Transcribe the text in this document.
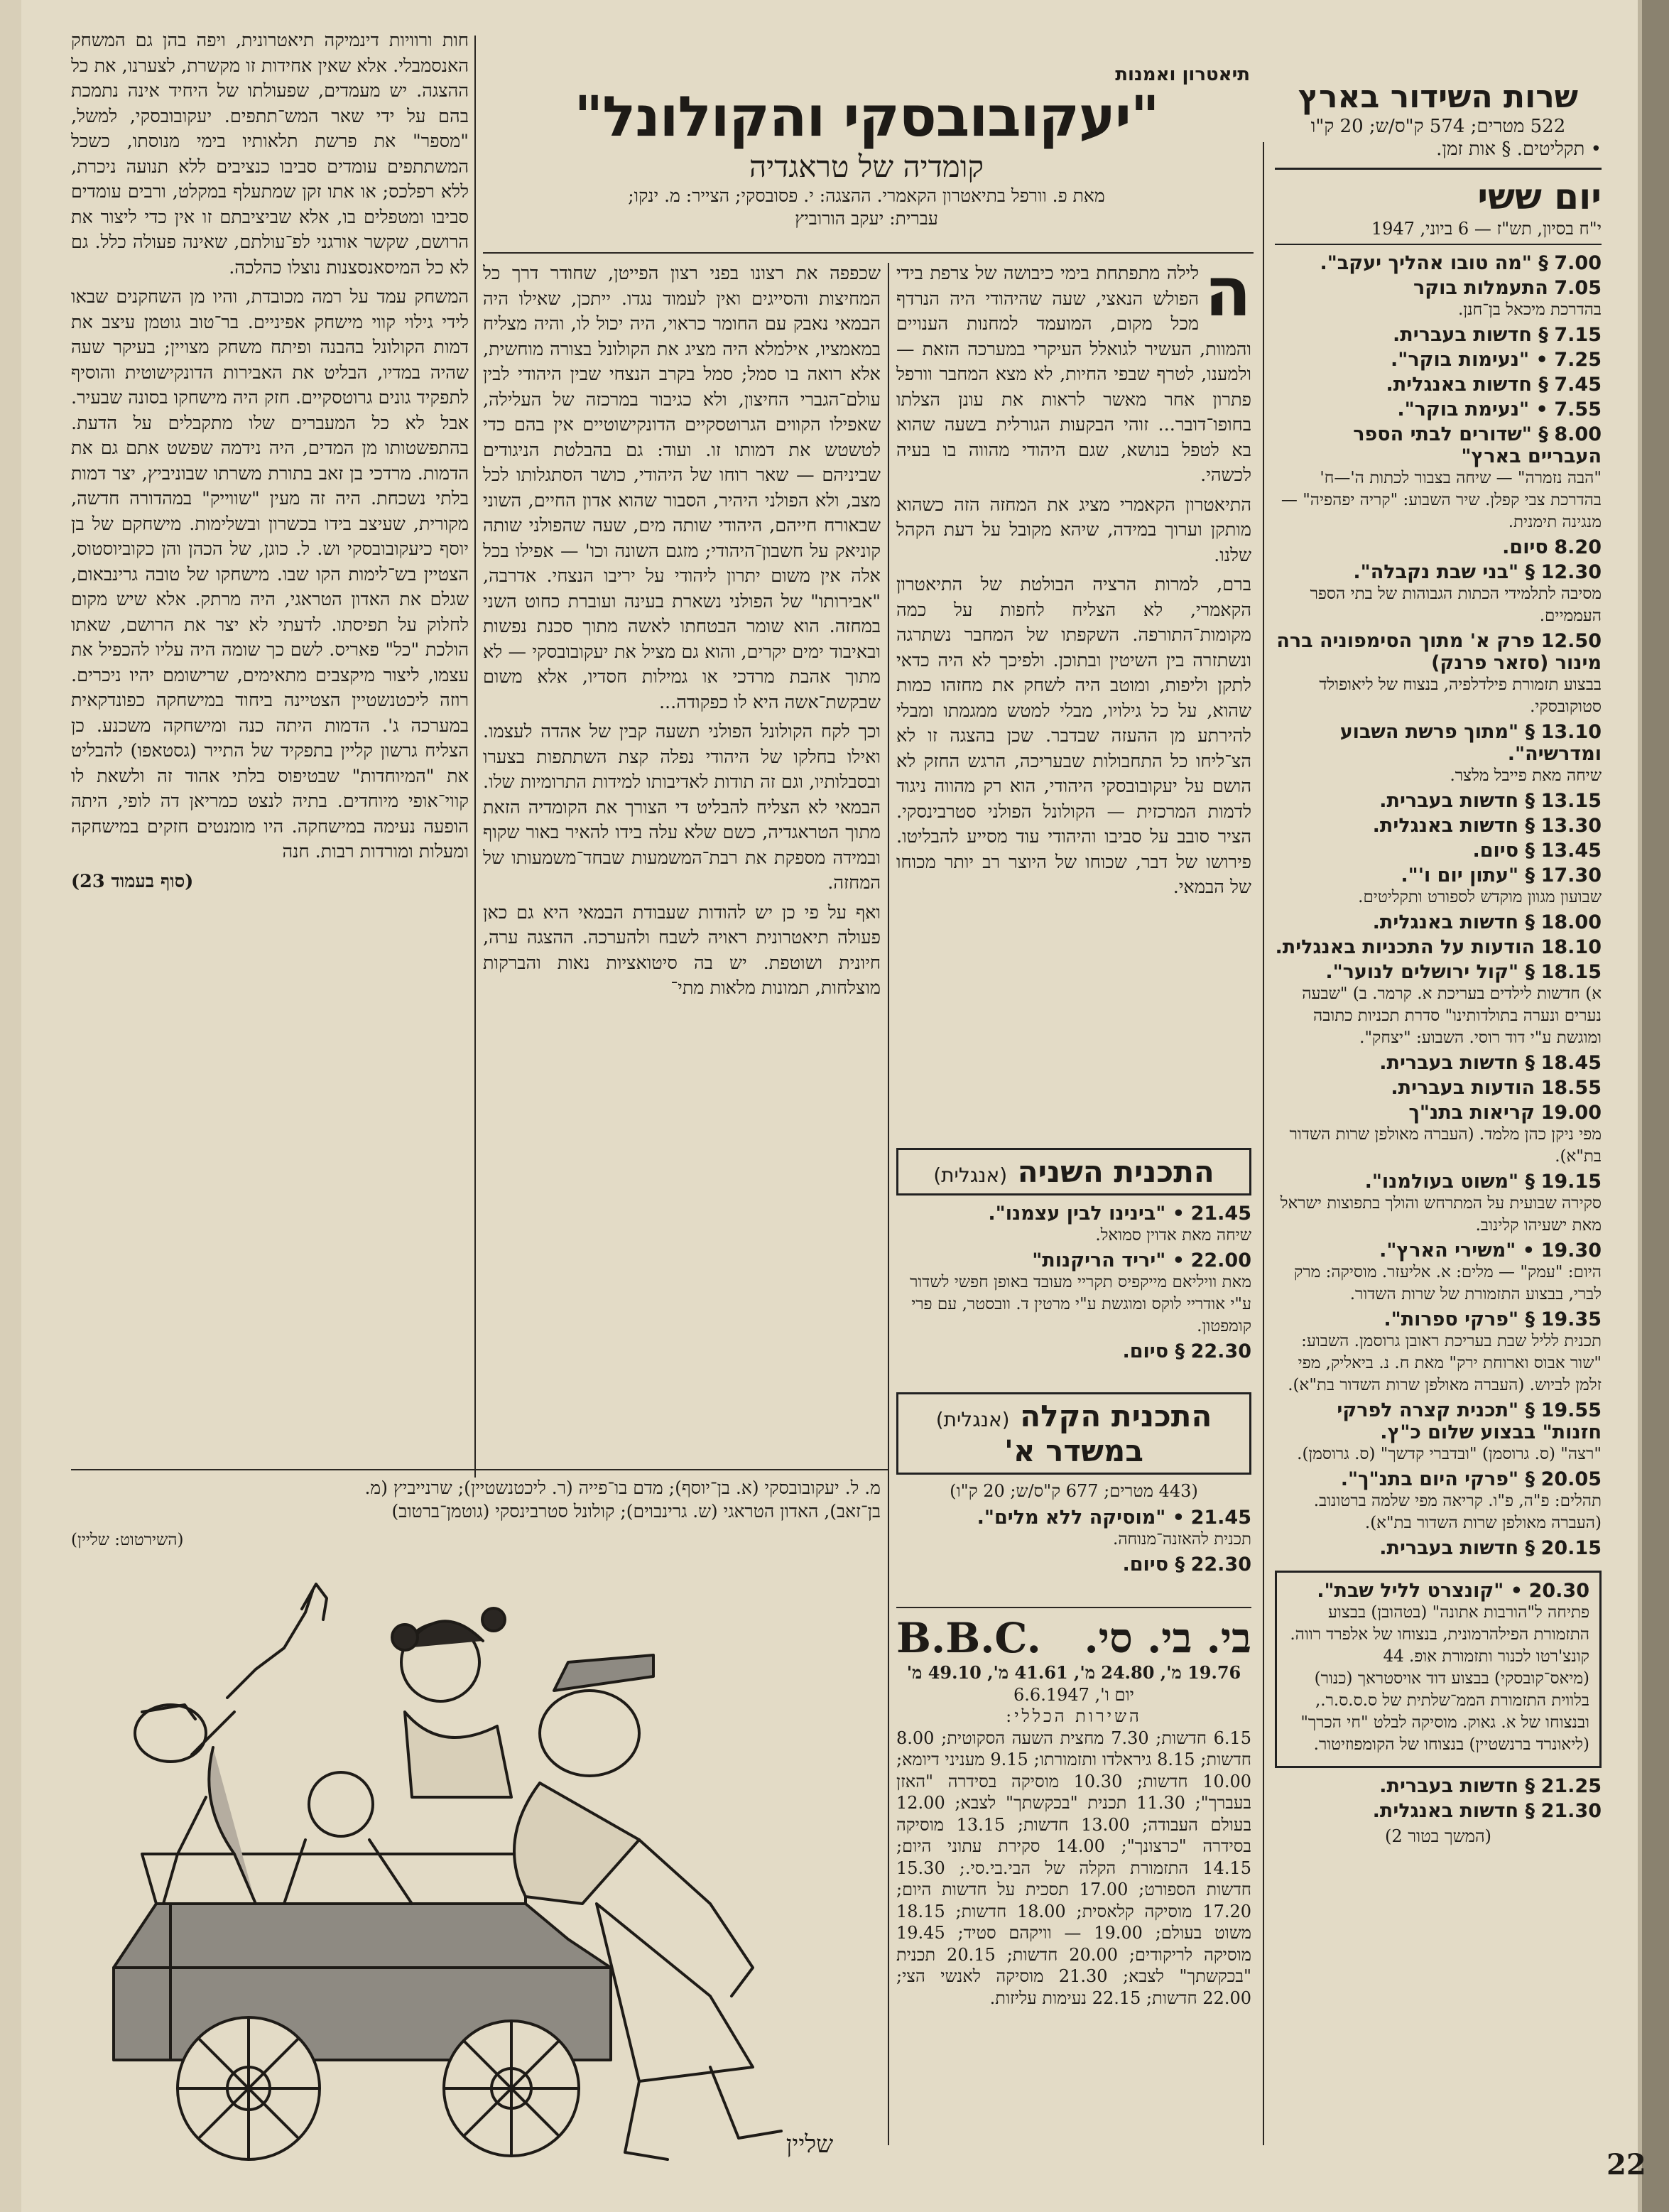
שרות השידור בארץ
522 מטרים; 574 ק"ס/ש; 20 ק"ו
• תקליטים. § אות זמן.
יום ששי
י"ח בסיון, תש"ז — 6 ביוני, 1947
7.00 § "מה טובו אהליך יעקב".
7.05 התעמלות בוקר
בהדרכת מיכאל בן־חנן.
7.15 § חדשות בעברית.
7.25 • "נעימות בוקר".
7.45 § חדשות באנגלית.
7.55 • "נעימת בוקר".
8.00 § "שדורים לבתי הספר העבריים בארץ"
"הבה נזמרה" — שיחה בצבור לכתות ה'—ח' בהדרכת צבי קפלן. שיר השבוע: "קריה יפהפיה" — מנגינה תימנית.
8.20 סיום.
12.30 § "בני שבת נקבלה".
מסיבה לתלמידי הכתות הגבוהות של בתי הספר העממיים.
12.50 פרק א' מתוך הסימפוניה ברה מינור (סזאר פרנק)
בבצוע תזמורת פילדלפיה, בנצוח של ליאופולד סטוקובסקי.
13.10 § "מתוך פרשת השבוע ומדרשיה".
שיחה מאת פייבל מלצר.
13.15 § חדשות בעברית.
13.30 § חדשות באנגלית.
13.45 § סיום.
17.30 § "עתון יום ו'".
שבועון מגוון מוקדש לספורט ותקליטים.
18.00 § חדשות באנגלית.
18.10 הודעות על התכניות באנגלית.
18.15 § "קול ירושלים לנוער".
א) חדשות לילדים בעריכת א. קרמר. ב) "שבעה נערים ונערה בתולדותינו" סדרת תכניות כתובה ומוגשת ע"י דוד רוסי. השבוע: "יצחק".
18.45 § חדשות בעברית.
18.55 הודעות בעברית.
19.00 קריאות בתנ"ך
מפי ניקן כהן מלמד. (העברה מאולפן שרות השדור בת"א).
19.15 § "משוט בעולמנו".
סקירה שבועית על המתרחש והולך בתפוצות ישראל מאת ישעיהו קלינוב.
19.30 • "משירי הארץ".
היום: "עמק" — מלים: א. אליעזר. מוסיקה: מרק לברי, בבצוע התזמורת של שרות השדור.
19.35 § "פרקי ספרות".
תכנית לליל שבת בעריכת ראובן גרוסמן. השבוע: "שור אבוס וארוחת ירק" מאת ח. נ. ביאליק, מפי זלמן לביוש. (העברה מאולפן שרות השדור בת"א).
19.55 § "תכנית קצרה לפרקי חזנות" בבצוע שלום כ"ץ.
"רצה" (ס. גרוסמן) "ובדברי קדשך" (ס. גרוסמן).
20.05 § "פרקי היום בתנ"ך".
תהלים: פ"ה, פ"ו. קריאה מפי שלמה ברטונוב. (העברה מאולפן שרות השדור בת"א).
20.15 § חדשות בעברית.
20.30 • "קונצרט לליל שבת".
פתיחה ל"הורבות אתונה" (בטהובן) בבצוע התזמורת הפילהרמונית, בנצוחו של אלפרד רווה. קונצ'רטו לכנור ותזמורת אופ. 44 (מיאס־קובסקי) בבצוע דוד אויסטראך (כנור) בלווית התזמורת הממ־שלתית של ס.ס.ס.ר., ובנצוחו של א. גאוק. מוסיקה לבלט "חי הכרך" (ליאונרד ברנשטיין) בנצוחו של הקומפוזיטור.
21.25 § חדשות בעברית.
21.30 § חדשות באנגלית.
(המשך בטור 2)
תיאטרון ואמנות
"יעקובובסקי והקולונל"
קומדיה של טראגדיה
מאת פ. וורפל בתיאטרון הקאמרי. ההצגה: י. פסובסקי; הצייר: מ. ינקו;
עברית: יעקב הורוביץ
ה

לילה מתפתחת בימי כיבושה של צרפת בידי הפולש הנאצי, שעה שהיהודי היה הנרדף מכל מקום, המועמד למחנות הענויים והמוות, העשיר לגואלל העיקרי במערכה הזאת — ולמענו, לטרף שבפי החיות, לא מצא המחבר וורפל פתרון אחר מאשר לראות את עונן הצלתו בחופו־דובר... זוהי הבקעות הגורלית בשעה שהוא בא לטפל בנושא, שגם היהודי מהווה בו בעיה לכשהי.

התיאטרון הקאמרי מציג את המחזה הזה כשהוא מותקן וערוך במידה, שיהא מקובל על דעת הקהל שלנו.

ברם, למרות הרציה הבולטת של התיאטרון הקאמרי, לא הצליח לחפות על כמה מקומות־התורפה. השקפתו של המחבר נשתרגה ונשתזרה בין השיטין ובתוכן. ולפיכך לא היה כדאי לתקן וליפות, ומוטב היה לשחק את מחזהו כמות שהוא, על כל גילויו, מבלי למטש ממגמתו ומבלי להירתע מן ההעזה שבדבר. שכן בהצגה זו לא הצ־ליחו כל התחבולות שבעריכה, הרגש החזק לא הושם על יעקובובסקי היהודי, הוא רק מהווה ניגוד לדמות המרכזית — הקולונל הפולני סטרבינסקי. הציר סובב על סביבו והיהודי עוד מסייע להבליטו. פירושו של דבר, שכוחו של היוצר רב יותר מכוחו של הבמאי.

התכנית השניה (אנגלית)
21.45 • "בינינו לבין עצמנו".
שיחה מאת אדוין סמואל.
22.00 • "יריד הריקנות"
מאת וויליאם מייקפיס תקריי מעובד באופן חפשי לשדור ע"י אודריי לוקס ומוגשת ע"י מרטין ד. וובסטר, עם פרי קומפטון.
22.30 § סיום.
התכנית הקלה (אנגלית)
במשדר א'
(443 מטרים; 677 ק"ס/ש; 20 ק"ו)
21.45 • "מוסיקה ללא מלים".
תכנית להאזנה־מנוחה.
22.30 § סיום.
בי. בי. סי.
B.B.C.
19.76 מ', 24.80 מ', 41.61 מ', 49.10 מ'
יום ו', 6.6.1947
השירות הכללי:
6.15 חדשות; 7.30 מחצית השעה הסקוטית; 8.00 חדשות; 8.15 גיראלדו ותזמורתו; 9.15 מעניני דיומא; 10.00 חדשות; 10.30 מוסיקה בסידרה "האזן בעברך"; 11.30 תכנית "בכקשתך" לצבא; 12.00 בעולם העבודה; 13.00 חדשות; 13.15 מוסיקה בסידרה "כרצונך"; 14.00 סקירת עתוני היום; 14.15 התזמורת הקלה של הבי.בי.סי.; 15.30 חדשות הספורט; 17.00 תסכית על חדשות היום; 17.20 מוסיקה קלאסית; 18.00 חדשות; 18.15 משוט בעולם; 19.00 — וויקהם סטיד; 19.45 מוסיקה לריקודים; 20.00 חדשות; 20.15 תכנית "בכקשתך" לצבא; 21.30 מוסיקה לאנשי הצי; 22.00 חדשות; 22.15 נעימות עליזות.

שכפפה את רצונו בפני רצון הפייטן, שחודר דרך כל המחיצות והסייגים ואין לעמוד נגדו. ייתכן, שאילו היה הבמאי נאבק עם החומר כראוי, היה יכול לו, והיה מצליח במאמציו, אילמלא היה מציג את הקולונל בצורה מוחשית, אלא רואה בו סמל; סמל בקרב הנצחי שבין היהודי לבין עולם־הגברי החיצון, ולא כגיבור במרכזה של העלילה, שאפילו הקווים הגרוטסקיים הדונקישוטיים אין בהם כדי לטשטש את דמותו זו. ועוד: גם בהבלטת הניגודים שביניהם — שאר רוחו של היהודי, כושר הסתגלותו לכל מצב, ולא הפולני היהיר, הסבור שהוא אדון החיים, השוני שבאורח חייהם, היהודי שותה מים, שעה שהפולני שותה קוניאק על חשבון־היהודי; מזגם השונה וכו' — אפילו בכל אלה אין משום יתרון ליהודי על יריבו הנצחי. אדרבה, "אבירותו" של הפולני נשארת בעינה ועוברת כחוט השני במחזה. הוא שומר הבטחתו לאשה מתוך סכנת נפשות ובאיבוד ימים יקרים, והוא גם מציל את יעקובובסקי — לא מתוך אהבת מרדכי או גמילות חסדיו, אלא משום שבקשת־אשה היא לו כפקודה...

וכך לקח הקולונל הפולני תשעה קבין של אהדה לעצמו. ואילו בחלקו של היהודי נפלה קצת השתתפות בצערו ובסבלותיו, וגם זה תודות לאדיבותו למידות התרומיות שלו. הבמאי לא הצליח להבליט די הצורך את הקומדיה הזאת מתוך הטראגדיה, כשם שלא עלה בידו להאיר באור שקוף ובמידה מספקת את רבת־המשמעות שבחד־משמעותו של המחזה.

ואף על פי כן יש להודות שעבודת הבמאי היא גם כאן פעולה תיאטרונית ראויה לשבח ולהערכה. ההצגה ערה, חיונית ושוטפת. יש בה סיטואציות נאות והברקות מוצלחות, תמונות מלאות מתי־

חות ורוויות דינמיקה תיאטרונית, ויפה בהן גם המשחק האנסמבלי. אלא שאין אחידות זו מקשרת, לצערנו, את כל ההצגה. יש מעמדים, שפעולתו של היחיד אינה נתמכת בהם על ידי שאר המש־תתפים. יעקובובסקי, למשל, "מספר" את פרשת תלאותיו בימי מנוסתו, כשכל המשתתפים עומדים סביבו כנציבים ללא תנועה ניכרת, ללא רפלכס; או אתו זקן שמתעלף במקלט, ורבים עומדים סביבו ומטפלים בו, אלא שביציבתם זו אין כדי ליצור את הרושם, שקשר אורגני לפ־עולתם, שאינה פעולה כלל. גם לא כל המיסאנסצנות נוצלו כהלכה.

המשחק עמד על רמה מכובדת, והיו מן השחקנים שבאו לידי גילוי קווי מישחק אפיניים. בר־טוב גוטמן עיצב את דמות הקולונל בהבנה ופיתח משחק מצויין; בעיקר שעה שהיה במדיו, הבליט את האבירות הדונקישוטית והוסיף לתפקיד גונים גרוטסקיים. חזק היה מישחקו בסונה שבעיר. אבל לא כל המעברים שלו מתקבלים על הדעת. בהתפשטותו מן המדים, היה נידמה שפשט אתם גם את הדמות. מרדכי בן זאב בתורת משרתו שבוניביץ, יצר דמות בלתי נשכחת. היה זה מעין "שווייק" במהדורה חדשה, מקורית, שעיצב בידו בכשרון ובשלימות. מישחקם של בן יוסף כיעקובובסקי וש. ל. כוגן, של הכהן והן כקוביוסטוס, הצטיין בש־לימות הקו שבו. מישחקו של טובה גרינבאום, שגלם את האדון הטראגי, היה מרתק. אלא שיש מקום לחלוק על תפיסתו. לדעתי לא יצר את הרושם, שאתו הולכת "כל" פאריס. לשם כך שומה היה עליו להכפיל את עצמו, ליצור מיקצבים מתאימים, שרישומם יהיו ניכרים. רוזה ליכטנשטיין הצטיינה ביחוד במישחקה כפונדקאית במערכה ג'. הדמות היתה כנה ומישחקה משכנע. כן הצליח גרשון קליין בתפקיד של התייר (גסטאפו) להבליט את "המיוחדות" שבטיפוס בלתי אהוד זה ולשאת לו קווי־אופי מיוחדים. בתיה לנצט כמריאן דה לופי, היתה הופעה נעימה במישחקה. היו מומנטים חזקים במישחקה ומעלות ומורדות רבות. חנה

(סוף בעמוד 23)
מ. ל. יעקובובסקי (א. בן־יוסף); מדם בו־פייה (ר. ליכטנשטיין); שרנייביץ (מ.
בן־זאב), האדון הטראגי (ש. גרינבוים); קולונל סטרבינסקי (גוטמן־ברטוב)
(השירטוט: שליין)
שליין
22
